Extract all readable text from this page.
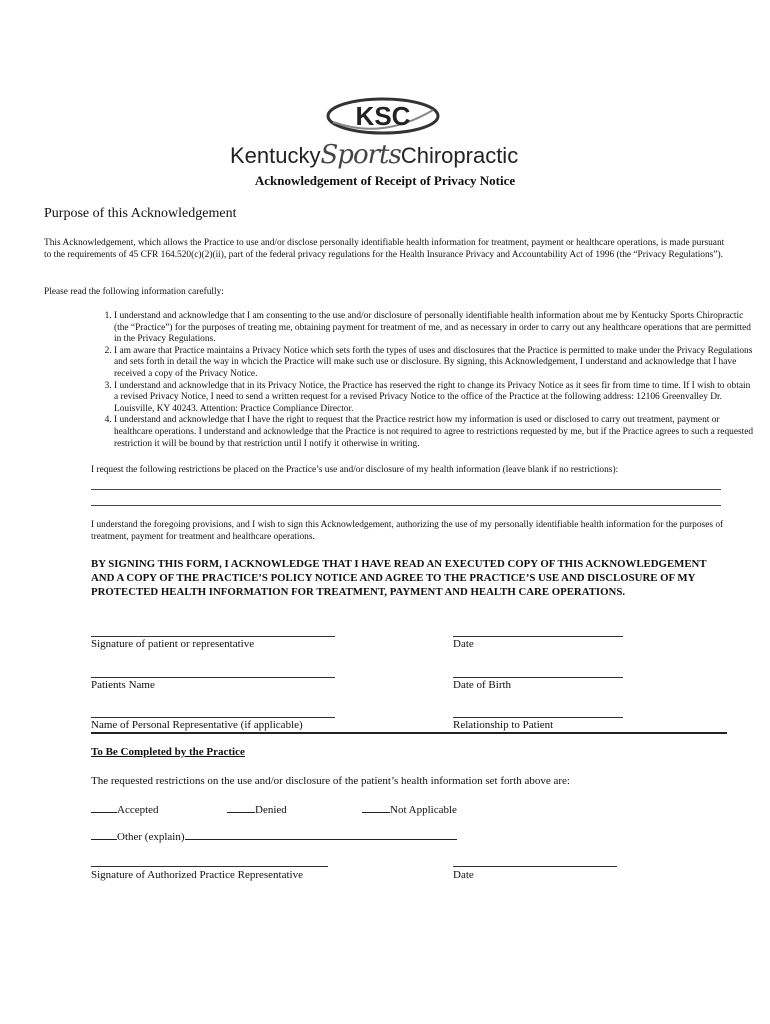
KSC
KentuckySportsChiropractic
Acknowledgement of Receipt of Privacy Notice
Purpose of this Acknowledgement
This Acknowledgement, which allows the Practice to use and/or disclose personally identifiable health information for treatment, payment or healthcare operations, is made pursuant to the requirements of 45 CFR 164.520(c)(2)(ii), part of the federal privacy regulations for the Health Insurance Privacy and Accountability Act of 1996 (the “Privacy Regulations”).
Please read the following information carefully:
1. I understand and acknowledge that I am consenting to the use and/or disclosure of personally identifiable health information about me by Kentucky Sports Chiropractic (the “Practice”) for the purposes of treating me, obtaining payment for treatment of me, and as necessary in order to carry out any healthcare operations that are permitted in the Privacy Regulations.
2. I am aware that Practice maintains a Privacy Notice which sets forth the types of uses and disclosures that the Practice is permitted to make under the Privacy Regulations and sets forth in detail the way in whcich the Practice will make such use or disclosure. By signing, this Acknowledgement, I understand and acknowledge that I have received a copy of the Privacy Notice.
3. I understand and acknowledge that in its Privacy Notice, the Practice has reserved the right to change its Privacy Notice as it sees fir from time to time. If I wish to obtain a revised Privacy Notice, I need to send a written request for a revised Privacy Notice to the office of the Practice at the following address: 12106 Greenvalley Dr. Louisville, KY 40243. Attention: Practice Compliance Director.
4. I understand and acknowledge that I have the right to request that the Practice restrict how my information is used or disclosed to carry out treatment, payment or healthcare operations. I understand and acknowledge that the Practice is not required to agree to restrictions requested by me, but if the Practice agrees to such a requested restriction it will be bound by that restriction until I notify it otherwise in writing.
I request the following restrictions be placed on the Practice’s use and/or disclosure of my health information (leave blank if no restrictions):
I understand the foregoing provisions, and I wish to sign this Acknowledgement, authorizing the use of my personally identifiable health information for the purposes of treatment, payment for treatment and healthcare operations.
BY SIGNING THIS FORM, I ACKNOWLEDGE THAT I HAVE READ AN EXECUTED COPY OF THIS ACKNOWLEDGEMENT AND A COPY OF THE PRACTICE’S POLICY NOTICE AND AGREE TO THE PRACTICE’S USE AND DISCLOSURE OF MY PROTECTED HEALTH INFORMATION FOR TREATMENT, PAYMENT AND HEALTH CARE OPERATIONS.
Signature of patient or representative	Date
Patients Name	Date of Birth
Name of Personal Representative (if applicable)	Relationship to Patient
To Be Completed by the Practice
The requested restrictions on the use and/or disclosure of the patient’s health information set forth above are:
Accepted	Denied	Not Applicable
Other (explain)
Signature of Authorized Practice Representative	Date
